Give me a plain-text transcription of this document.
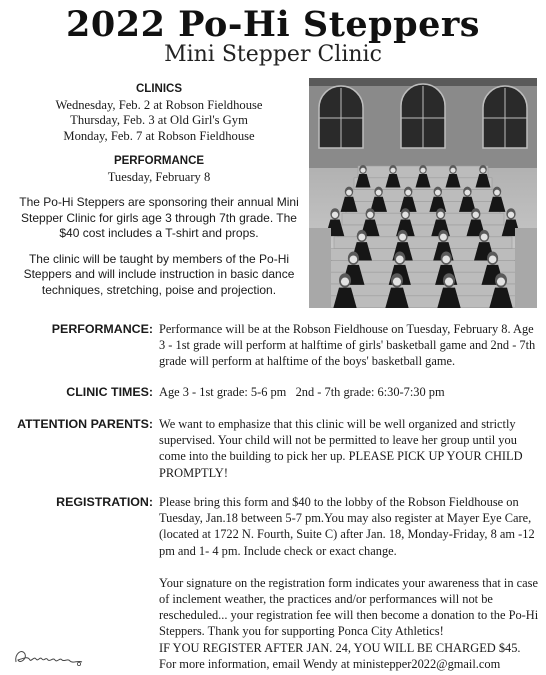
2022 Po-Hi Steppers
Mini Stepper Clinic
CLINICS
Wednesday, Feb. 2 at Robson Fieldhouse
Thursday, Feb. 3 at Old Girl's Gym
Monday, Feb. 7 at Robson Fieldhouse
PERFORMANCE
Tuesday, February 8
The Po-Hi Steppers are sponsoring their annual Mini Stepper Clinic for girls age 3 through 7th grade. The $40 cost includes a T-shirt and props.
The clinic will be taught by members of the Po-Hi Steppers and will include instruction in basic dance techniques, stretching, poise and projection.
PERFORMANCE: Performance will be at the Robson Fieldhouse on Tuesday, February 8. Age 3 - 1st grade will perform at halftime of girls' basketball game and 2nd - 7th grade will perform at halftime of the boys' basketball game.
CLINIC TIMES: Age 3 - 1st grade: 5-6 pm   2nd - 7th grade: 6:30-7:30 pm
ATTENTION PARENTS: We want to emphasize that this clinic will be well organized and strictly supervised. Your child will not be permitted to leave her group until you come into the building to pick her up. PLEASE PICK UP YOUR CHILD PROMPTLY!
REGISTRATION: Please bring this form and $40 to the lobby of the Robson Fieldhouse on Tuesday, Jan.18 between 5-7 pm.You may also register at Mayer Eye Care, (located at 1722 N. Fourth, Suite C) after Jan. 18, Monday-Friday, 8 am -12 pm and 1- 4 pm. Include check or exact change.

Your signature on the registration form indicates your awareness that in case of inclement weather, the practices and/or performances will not be rescheduled... your registration fee will then become a donation to the Po-Hi Steppers. Thank you for supporting Ponca City Athletics!
IF YOU REGISTER AFTER JAN. 24, YOU WILL BE CHARGED $45.
For more information, email Wendy at ministepper2022@gmail.com
